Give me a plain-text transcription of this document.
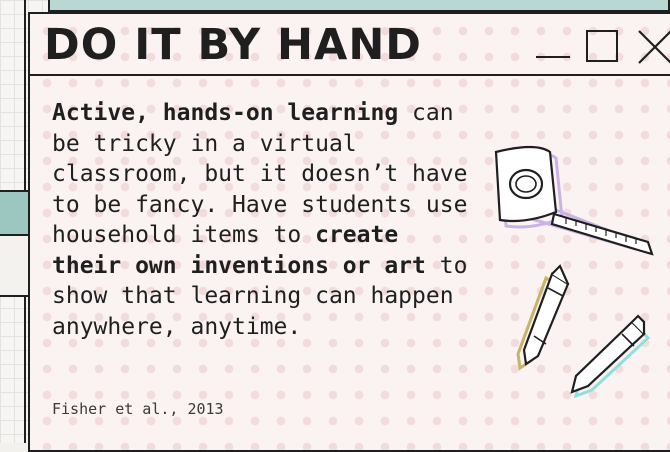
DO IT BY HAND

Active, hands-on learning can be tricky in a virtual classroom, but it doesn’t have to be fancy. Have students use household items to create their own inventions or art to show that learning can happen anywhere, anytime.

Fisher et al., 2013
